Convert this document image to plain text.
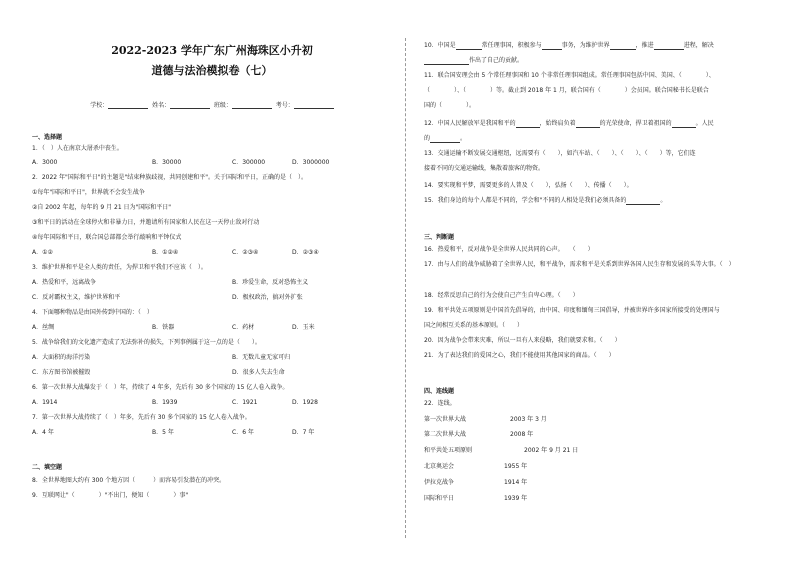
2022-2023 学年广东广州海珠区小升初
道德与法治模拟卷（七）
学校：	姓名：	班级：	考号：
一、选择题
1．（　）人在南京大屠杀中丧生。
A．3000	B．30000	C．300000	D．3000000
2．2022 年"国际和平日"的主题是"结束种族歧视，共同创建和平"。关于国际和平日，正确的是（　）。
①每年"国际和平日"，世界就不会发生战争
②自 2002 年起，每年的 9 月 21 日为"国际和平日"
③和平日的活动在全球停火和非暴力日，并邀请所有国家和人民在这一天停止敌对行动
④每年国际和平日，联合国总部都会举行敲响和平钟仪式
A．①②	B．①②④	C．②③④	D．②③④
3．维护世界和平是全人类的责任，为捍卫和平我们不应该（　）。
A．热爱和平，远离战争	B．珍爱生命，反对恐怖主义
C．反对霸权主义，维护世界和平	D．极权政治，搞对外扩张
4．下面哪种物品是由国外传到中国的：（　）
A．丝绸	B．铁器	C．药材	D．玉米
5．战争给我们的文化遗产造成了无法弥补的损失，下列事例属于这一点的是（　　）。
A．大面积的海洋污染	B．无数儿童无家可归
C．东方图书馆被摧毁	D．很多人失去生命
6．第一次世界大战爆发于（　）年，持续了 4 年多，先后有 30 多个国家的 15 亿人卷入战争。
A．1914	B．1939	C．1921	D．1928
7．第一次世界大战持续了（　）年多，先后有 30 多个国家的 15 亿人卷入战争。
A．4 年	B．5 年	C．6 年	D．7 年
二、填空题
8．全世界地图大约有 300 个地方因（　　　）而容易引发潜在的冲突。
9．互联网让"（　　　　）"不出门，便知（　　　　）事"
10．中国是	常任理事国，积极参与	事务，为维护世界	，推进	进程，解决
作出了自己的贡献。
11．联合国安理会由 5 个常任理事国和 10 个非常任理事国组成。常任理事国包括中国、美国、（　　　　）、
（　　　　）、（　　　　）等。截止到 2018 年 1 月，联合国有（　　　　）会员国。联合国秘书长是联合
国的（　　　　）。
12．中国人民解放军是我国和平的	，始终肩负着	的光荣使命，捍卫着祖国的	。人民
的	。
13．交通运输不断发展交通枢纽，远需要有（　　），如汽车站、（　　）、（　　）、（　　）等，它们连
接着不同的交通运输线，集散着旅客的物资。
14．要实现和平梦，需要更多的人普及（　　），弘扬（　　）、传播（　　）。
15．我们身边的每个人都是不同的，学会和"不同的人相处是我们必须具备的	。
三、判断题
16．热爱和平，反对战争是全世界人民共同的心声。　　（　　）
17．由与人们的战争威胁着了全世界人民，和平战争，需求和平是关系到世界各国人民生存和发展的头等大事。（　）
18．经常反思自己的行为会使自己产生自卑心理。（　　）
19．和平共处五项原则是中国首先倡导的，由中国、印度和缅甸三国倡导，并被世界许多国家所接受的处理国与
国之间相互关系的基本原则。（　　）
20．因为战争会带来灾难，所以一旦有人来侵略，我们就要求和。（　　）
21．为了表达我们的爱国之心，我们不能使用其他国家的商品。（　　）
四、连线题
22．连线。
第一次世界大战
第二次世界大战
和平共处五项原则
北京奥运会
伊拉克战争
国际和平日
2003 年 3 月
2008 年
2002 年 9 月 21 日
1955 年
1914 年
1939 年
